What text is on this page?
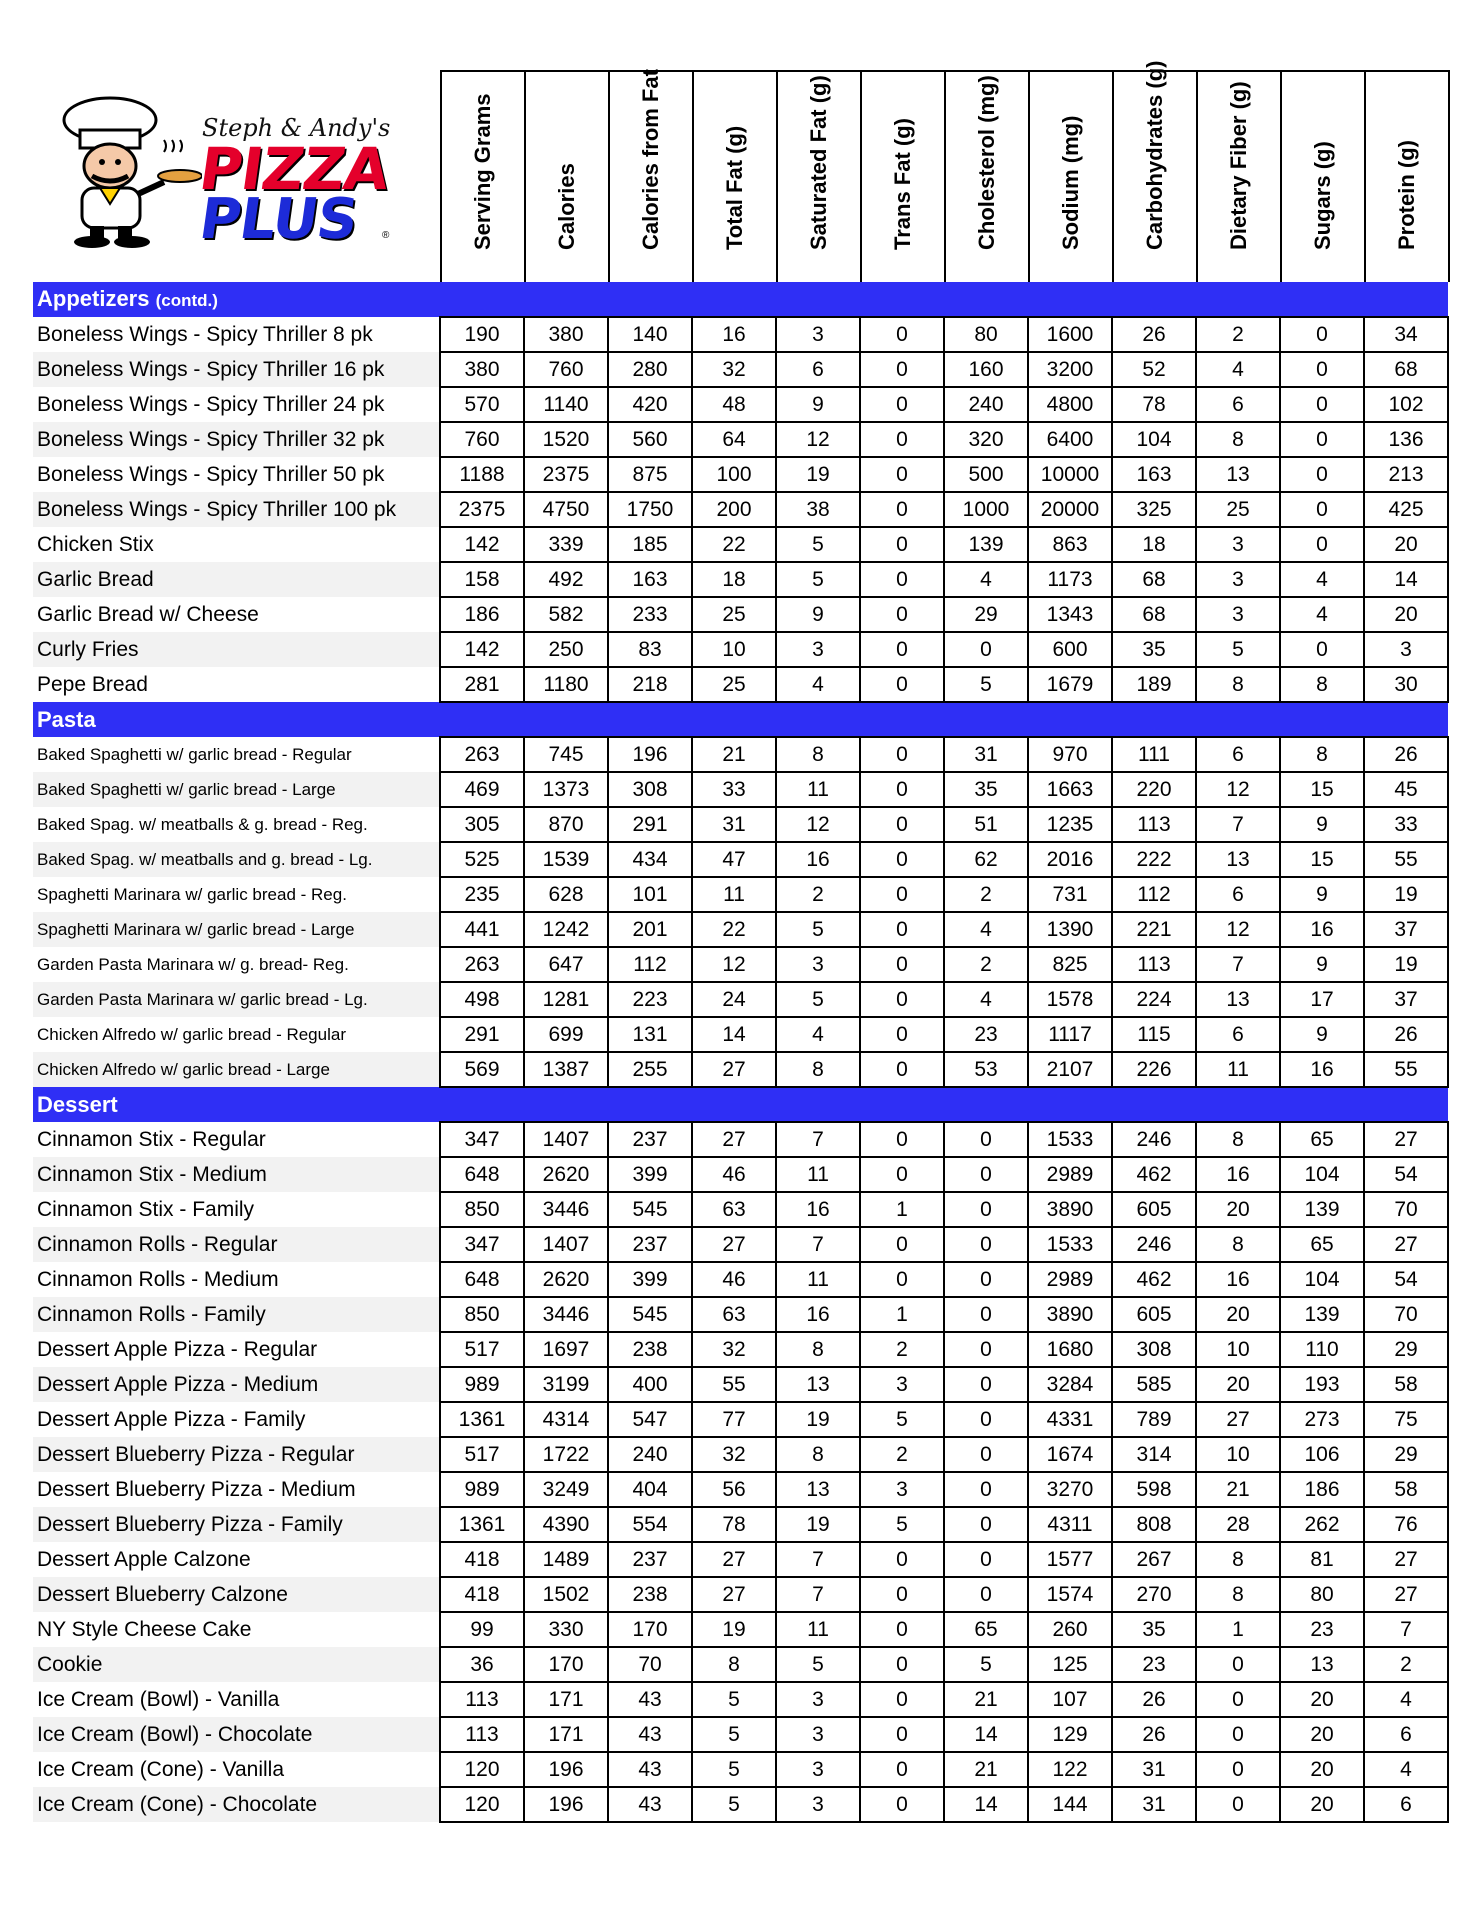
Steph & Andy's
PIZZA
PLUS ®	Serving Grams	Calories	Calories from Fat	Total Fat (g)	Saturated Fat (g)	Trans Fat (g)	Cholesterol (mg)	Sodium (mg)	Carbohydrates (g)	Dietary Fiber (g)	Sugars (g)	Protein (g)
Appetizers (contd.)												
Boneless Wings - Spicy Thriller 8 pk	190	380	140	16	3	0	80	1600	26	2	0	34
Boneless Wings - Spicy Thriller 16 pk	380	760	280	32	6	0	160	3200	52	4	0	68
Boneless Wings - Spicy Thriller 24 pk	570	1140	420	48	9	0	240	4800	78	6	0	102
Boneless Wings - Spicy Thriller 32 pk	760	1520	560	64	12	0	320	6400	104	8	0	136
Boneless Wings - Spicy Thriller 50 pk	1188	2375	875	100	19	0	500	10000	163	13	0	213
Boneless Wings - Spicy Thriller 100 pk	2375	4750	1750	200	38	0	1000	20000	325	25	0	425
Chicken Stix	142	339	185	22	5	0	139	863	18	3	0	20
Garlic Bread	158	492	163	18	5	0	4	1173	68	3	4	14
Garlic Bread w/ Cheese	186	582	233	25	9	0	29	1343	68	3	4	20
Curly Fries	142	250	83	10	3	0	0	600	35	5	0	3
Pepe Bread	281	1180	218	25	4	0	5	1679	189	8	8	30
Pasta												
Baked Spaghetti w/ garlic bread - Regular	263	745	196	21	8	0	31	970	111	6	8	26
Baked Spaghetti w/ garlic bread - Large	469	1373	308	33	11	0	35	1663	220	12	15	45
Baked Spag. w/ meatballs & g. bread - Reg.	305	870	291	31	12	0	51	1235	113	7	9	33
Baked Spag. w/ meatballs and g. bread - Lg.	525	1539	434	47	16	0	62	2016	222	13	15	55
Spaghetti Marinara w/ garlic bread - Reg.	235	628	101	11	2	0	2	731	112	6	9	19
Spaghetti Marinara w/ garlic bread - Large	441	1242	201	22	5	0	4	1390	221	12	16	37
Garden Pasta Marinara w/ g. bread- Reg.	263	647	112	12	3	0	2	825	113	7	9	19
Garden Pasta Marinara w/ garlic bread - Lg.	498	1281	223	24	5	0	4	1578	224	13	17	37
Chicken Alfredo w/ garlic bread - Regular	291	699	131	14	4	0	23	1117	115	6	9	26
Chicken Alfredo w/ garlic bread - Large	569	1387	255	27	8	0	53	2107	226	11	16	55
Dessert												
Cinnamon Stix - Regular	347	1407	237	27	7	0	0	1533	246	8	65	27
Cinnamon Stix - Medium	648	2620	399	46	11	0	0	2989	462	16	104	54
Cinnamon Stix - Family	850	3446	545	63	16	1	0	3890	605	20	139	70
Cinnamon Rolls - Regular	347	1407	237	27	7	0	0	1533	246	8	65	27
Cinnamon Rolls - Medium	648	2620	399	46	11	0	0	2989	462	16	104	54
Cinnamon Rolls - Family	850	3446	545	63	16	1	0	3890	605	20	139	70
Dessert Apple Pizza - Regular	517	1697	238	32	8	2	0	1680	308	10	110	29
Dessert Apple Pizza - Medium	989	3199	400	55	13	3	0	3284	585	20	193	58
Dessert Apple Pizza - Family	1361	4314	547	77	19	5	0	4331	789	27	273	75
Dessert Blueberry Pizza - Regular	517	1722	240	32	8	2	0	1674	314	10	106	29
Dessert Blueberry Pizza - Medium	989	3249	404	56	13	3	0	3270	598	21	186	58
Dessert Blueberry Pizza - Family	1361	4390	554	78	19	5	0	4311	808	28	262	76
Dessert Apple Calzone	418	1489	237	27	7	0	0	1577	267	8	81	27
Dessert Blueberry Calzone	418	1502	238	27	7	0	0	1574	270	8	80	27
NY Style Cheese Cake	99	330	170	19	11	0	65	260	35	1	23	7
Cookie	36	170	70	8	5	0	5	125	23	0	13	2
Ice Cream (Bowl) - Vanilla	113	171	43	5	3	0	21	107	26	0	20	4
Ice Cream (Bowl) - Chocolate	113	171	43	5	3	0	14	129	26	0	20	6
Ice Cream (Cone) - Vanilla	120	196	43	5	3	0	21	122	31	0	20	4
Ice Cream (Cone) - Chocolate	120	196	43	5	3	0	14	144	31	0	20	6
